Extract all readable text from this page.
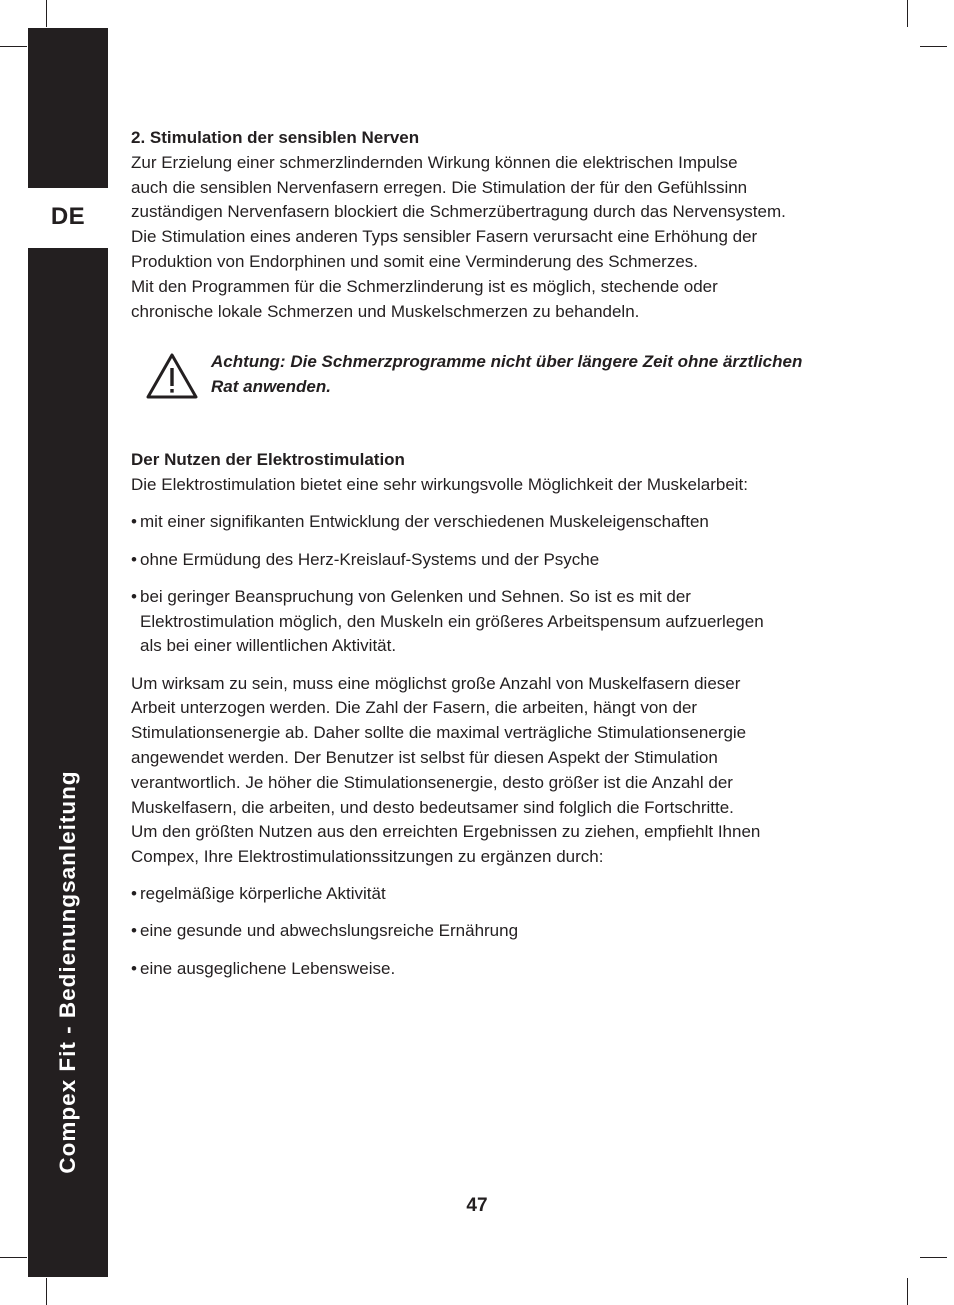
DE
Compex Fit - Bedienungsanleitung

2. Stimulation der sensiblen Nerven

Zur Erzielung einer schmerzlindernden Wirkung können die elektrischen Impulse

auch die sensiblen Nervenfasern erregen. Die Stimulation der für den Gefühlssinn

zuständigen Nervenfasern blockiert die Schmerzübertragung durch das Nervensystem.

Die Stimulation eines anderen Typs sensibler Fasern verursacht eine Erhöhung der

Produktion von Endorphinen und somit eine Verminderung des Schmerzes.

Mit den Programmen für die Schmerzlinderung ist es möglich, stechende oder

chronische lokale Schmerzen und Muskelschmerzen zu behandeln.

Achtung: Die Schmerzprogramme nicht über längere Zeit ohne ärztlichen

Rat anwenden.

Der Nutzen der Elektrostimulation

Die Elektrostimulation bietet eine sehr wirkungsvolle Möglichkeit der Muskelarbeit:

• mit einer signifikanten Entwicklung der verschiedenen Muskeleigenschaften
• ohne Ermüdung des Herz-Kreislauf-Systems und der Psyche
• bei geringer Beanspruchung von Gelenken und Sehnen. So ist es mit der
Elektrostimulation möglich, den Muskeln ein größeres Arbeitspensum aufzuerlegen
als bei einer willentlichen Aktivität.

Um wirksam zu sein, muss eine möglichst große Anzahl von Muskelfasern dieser

Arbeit unterzogen werden. Die Zahl der Fasern, die arbeiten, hängt von der

Stimulationsenergie ab. Daher sollte die maximal verträgliche Stimulationsenergie

angewendet werden. Der Benutzer ist selbst für diesen Aspekt der Stimulation

verantwortlich. Je höher die Stimulationsenergie, desto größer ist die Anzahl der

Muskelfasern, die arbeiten, und desto bedeutsamer sind folglich die Fortschritte.

Um den größten Nutzen aus den erreichten Ergebnissen zu ziehen, empfiehlt Ihnen

Compex, Ihre Elektrostimulationssitzungen zu ergänzen durch:

• regelmäßige körperliche Aktivität
• eine gesunde und abwechslungsreiche Ernährung
• eine ausgeglichene Lebensweise.
47
